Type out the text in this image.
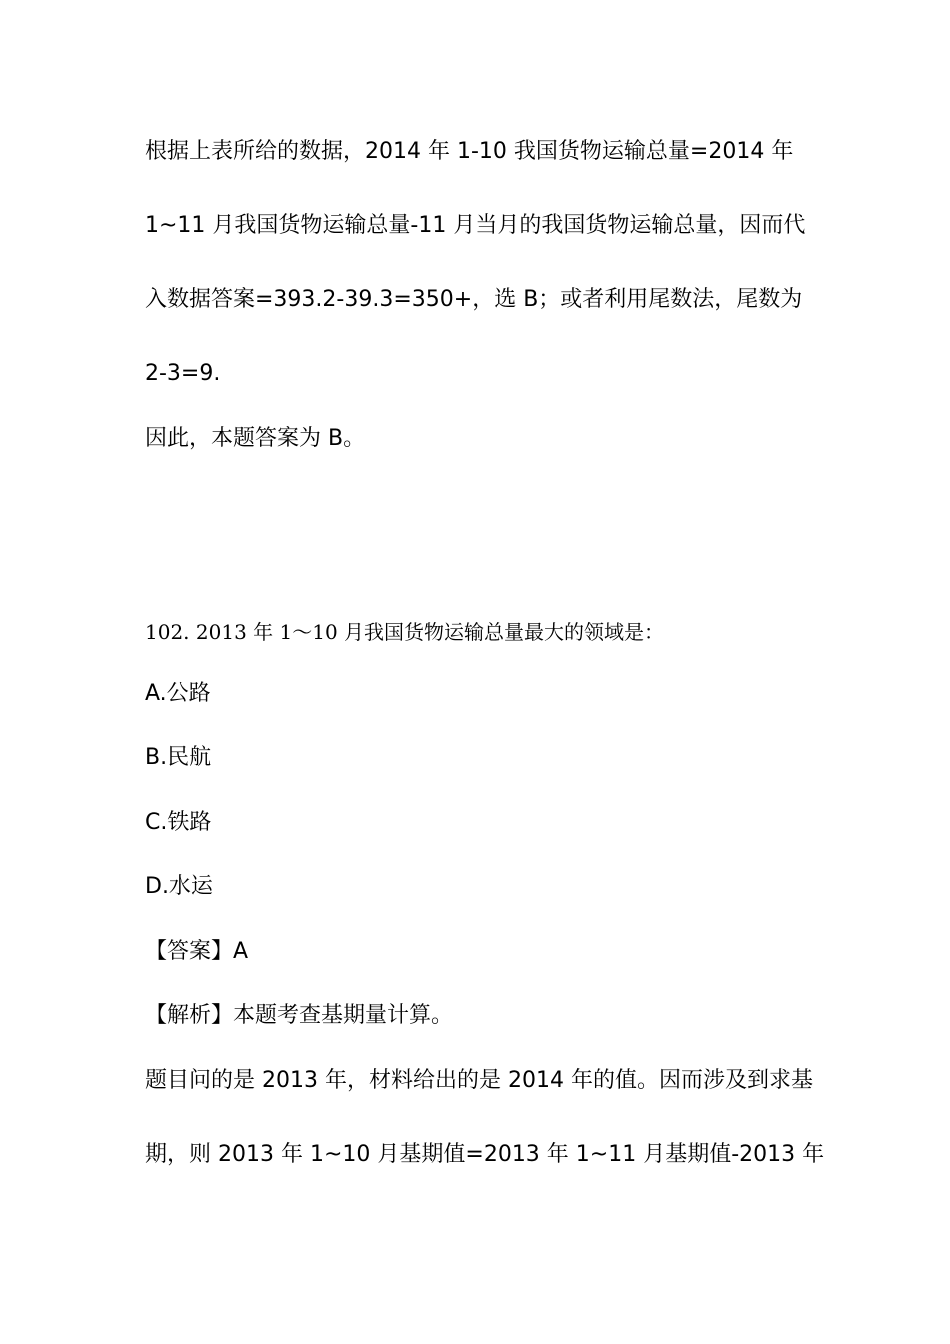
根据上表所给的数据，2014 年 1-10 我国货物运输总量=2014 年

1~11 月我国货物运输总量-11 月当月的我国货物运输总量，因而代

入数据答案=393.2-39.3=350+，选 B；或者利用尾数法，尾数为

2-3=9.

因此，本题答案为 B。

102. 2013 年 1～10 月我国货物运输总量最大的领域是：

A.公路

B.民航

C.铁路

D.水运

【答案】A

【解析】本题考查基期量计算。

题目问的是 2013 年，材料给出的是 2014 年的值。因而涉及到求基

期，则 2013 年 1~10 月基期值=2013 年 1~11 月基期值-2013 年
